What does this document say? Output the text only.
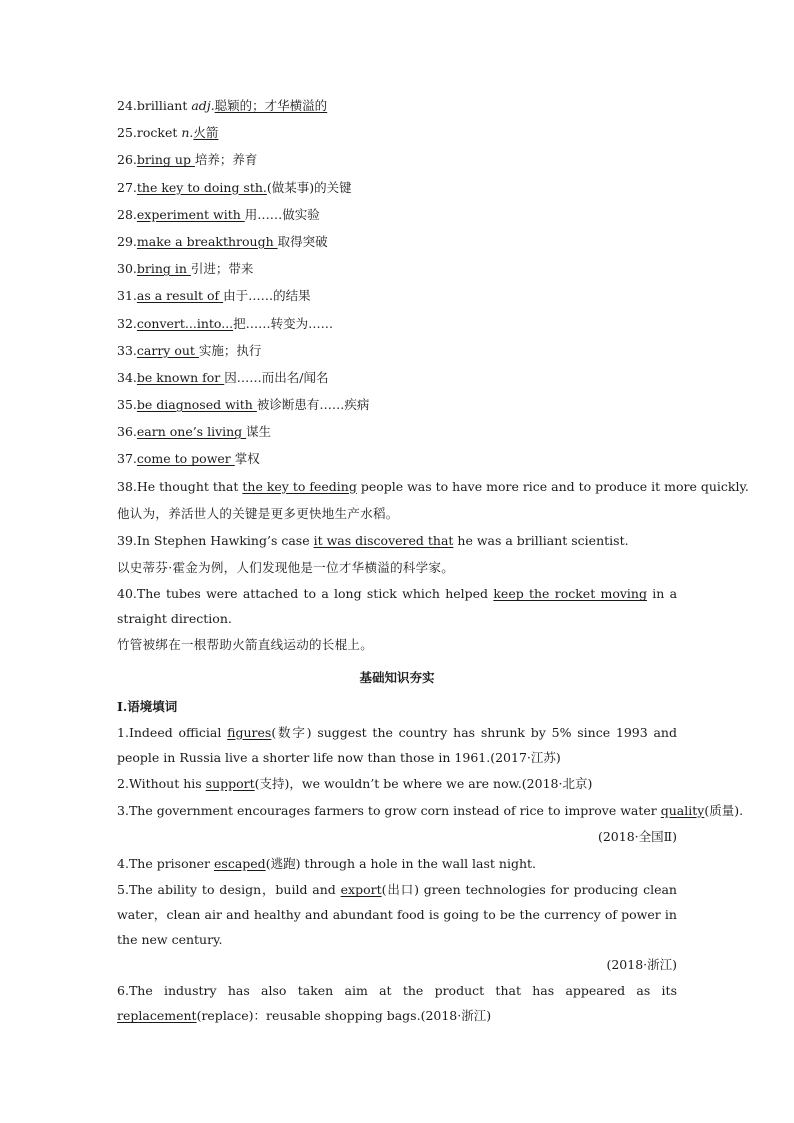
24.brilliant adj.聪颖的；才华横溢的
25.rocket n.火箭
26.bring up 培养；养育
27.the key to doing sth.(做某事)的关键
28.experiment with 用……做实验
29.make a breakthrough 取得突破
30.bring in 引进；带来
31.as a result of 由于……的结果
32.convert...into...把……转变为……
33.carry out 实施；执行
34.be known for 因……而出名/闻名
35.be diagnosed with 被诊断患有……疾病
36.earn one’s living 谋生
37.come to power 掌权
38.He thought that the key to feeding people was to have more rice and to produce it more quickly.
他认为，养活世人的关键是更多更快地生产水稻。
39.In Stephen Hawking’s case it was discovered that he was a brilliant scientist.
以史蒂芬·霍金为例，人们发现他是一位才华横溢的科学家。
40.The tubes were attached to a long stick which helped keep the rocket moving in a straight direction.
竹管被绑在一根帮助火箭直线运动的长棍上。
基础知识夯实
Ⅰ.语境填词
1.Indeed official figures(数字) suggest the country has shrunk by 5% since 1993 and people in Russia live a shorter life now than those in 1961.(2017·江苏)
2.Without his support(支持)，we wouldn’t be where we are now.(2018·北京)
3.The government encourages farmers to grow corn instead of rice to improve water quality(质量).
(2018·全国Ⅱ)
4.The prisoner escaped(逃跑) through a hole in the wall last night.
5.The ability to design，build and export(出口) green technologies for producing clean water，clean air and healthy and abundant food is going to be the currency of power in the new century.
(2018·浙江)
6.The industry has also taken aim at the product that has appeared as its replacement(replace)：reusable shopping bags.(2018·浙江)
